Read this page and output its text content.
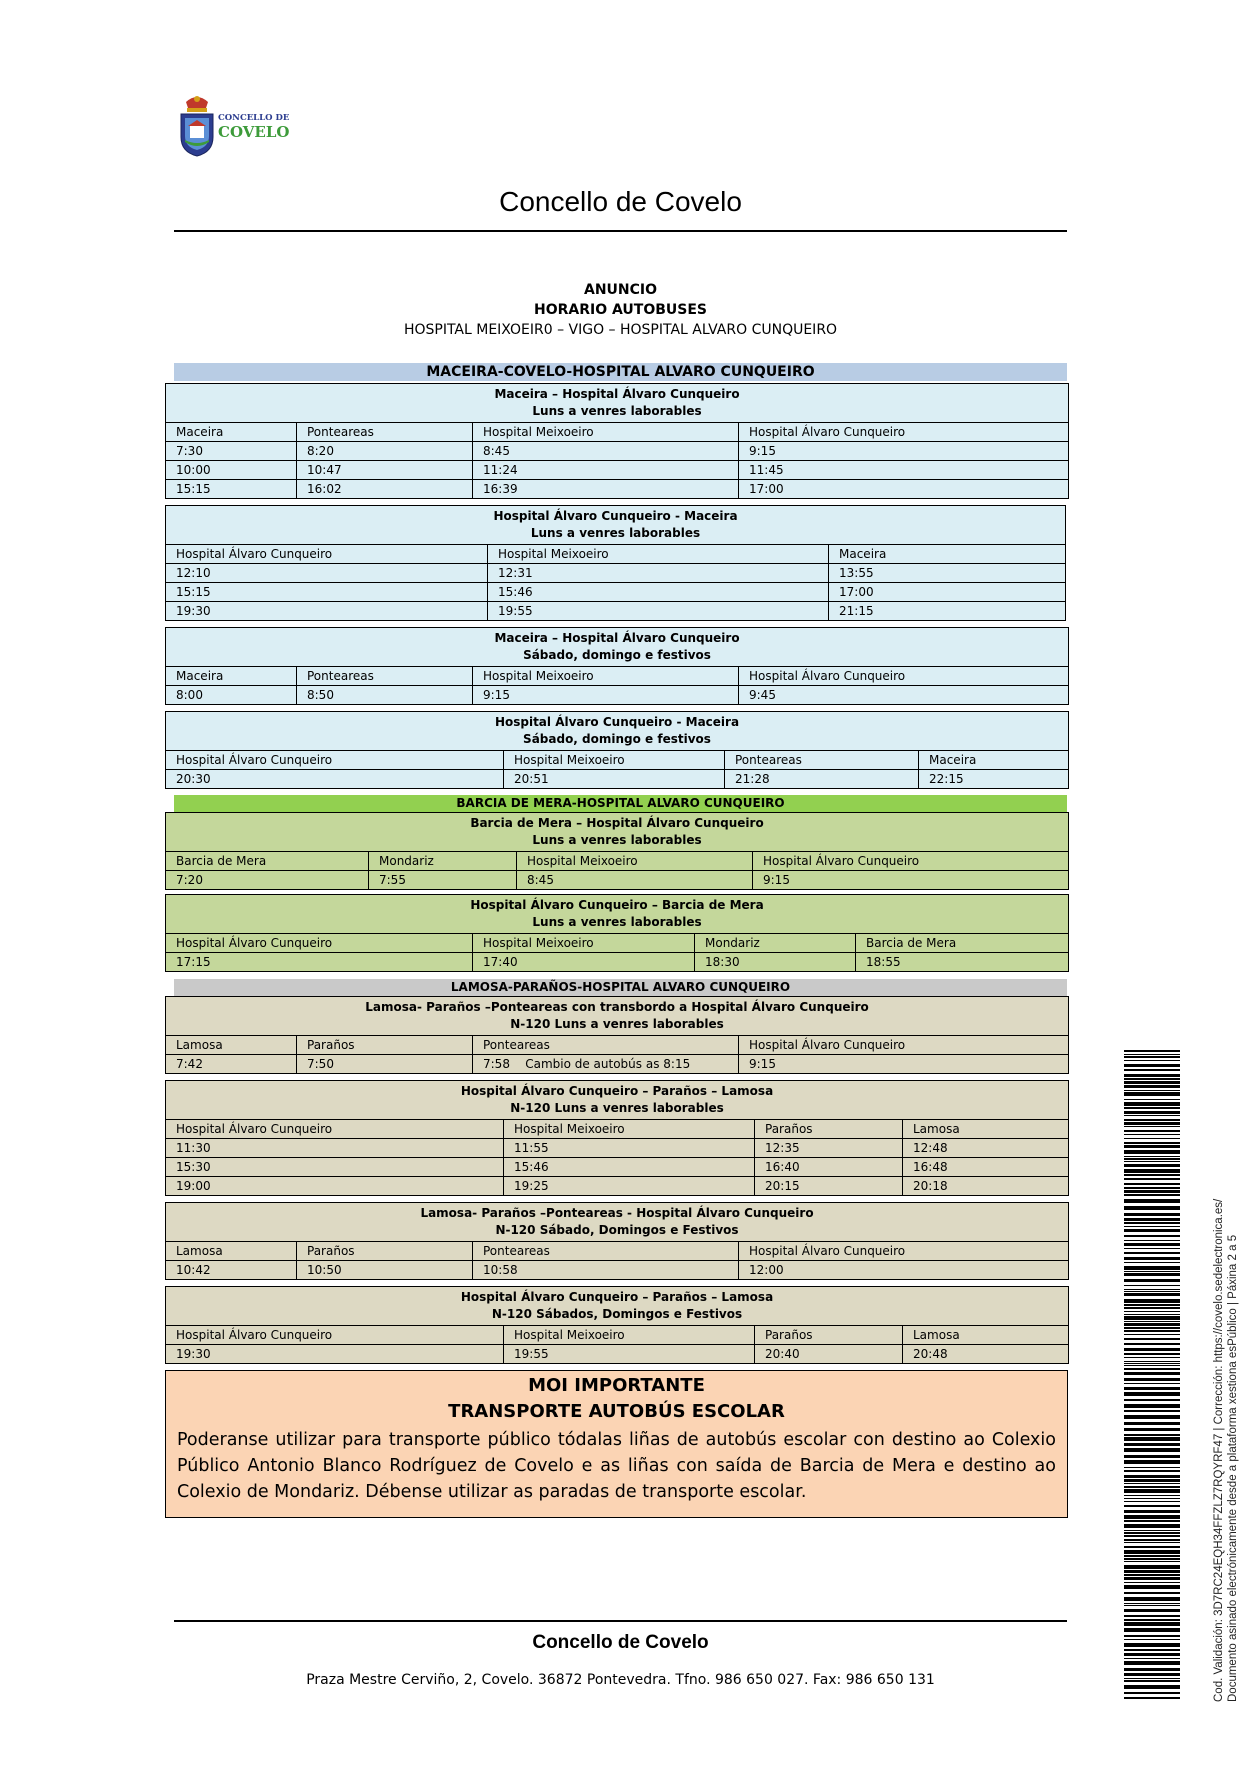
CONCELLO DE
COVELO
Concello de Covelo
ANUNCIO
HORARIO AUTOBUSES
HOSPITAL MEIXOEIR0 – VIGO – HOSPITAL ALVARO CUNQUEIRO
MACEIRA-COVELO-HOSPITAL ALVARO CUNQUEIRO
Maceira – Hospital Álvaro Cunqueiro
Luns a venres laborables			
Maceira	Ponteareas	Hospital Meixoeiro	Hospital Álvaro Cunqueiro
7:30	8:20	8:45	9:15
10:00	10:47	11:24	11:45
15:15	16:02	16:39	17:00
Hospital Álvaro Cunqueiro - Maceira
Luns a venres laborables		
Hospital Álvaro Cunqueiro	Hospital Meixoeiro	Maceira
12:10	12:31	13:55
15:15	15:46	17:00
19:30	19:55	21:15
Maceira – Hospital Álvaro Cunqueiro
Sábado, domingo e festivos			
Maceira	Ponteareas	Hospital Meixoeiro	Hospital Álvaro Cunqueiro
8:00	8:50	9:15	9:45
Hospital Álvaro Cunqueiro - Maceira
Sábado, domingo e festivos			
Hospital Álvaro Cunqueiro	Hospital Meixoeiro	Ponteareas	Maceira
20:30	20:51	21:28	22:15
BARCIA DE MERA-HOSPITAL ALVARO CUNQUEIRO
Barcia de Mera – Hospital Álvaro Cunqueiro
Luns a venres laborables			
Barcia de Mera	Mondariz	Hospital Meixoeiro	Hospital Álvaro Cunqueiro
7:20	7:55	8:45	9:15
Hospital Álvaro Cunqueiro – Barcia de Mera
Luns a venres laborables			
Hospital Álvaro Cunqueiro	Hospital Meixoeiro	Mondariz	Barcia de Mera
17:15	17:40	18:30	18:55
LAMOSA-PARAÑOS-HOSPITAL ALVARO CUNQUEIRO
Lamosa- Paraños –Ponteareas con transbordo a Hospital Álvaro Cunqueiro
N-120 Luns a venres laborables			
Lamosa	Paraños	Ponteareas	Hospital Álvaro Cunqueiro
7:42	7:50	7:58    Cambio de autobús as 8:15	9:15
Hospital Álvaro Cunqueiro – Paraños – Lamosa
N-120 Luns a venres laborables			
Hospital Álvaro Cunqueiro	Hospital Meixoeiro	Paraños	Lamosa
11:30	11:55	12:35	12:48
15:30	15:46	16:40	16:48
19:00	19:25	20:15	20:18
Lamosa- Paraños –Ponteareas - Hospital Álvaro Cunqueiro
N-120 Sábado, Domingos e Festivos			
Lamosa	Paraños	Ponteareas	Hospital Álvaro Cunqueiro
10:42	10:50	10:58	12:00
Hospital Álvaro Cunqueiro – Paraños – Lamosa
N-120 Sábados, Domingos e Festivos			
Hospital Álvaro Cunqueiro	Hospital Meixoeiro	Paraños	Lamosa
19:30	19:55	20:40	20:48
MOI IMPORTANTE
TRANSPORTE AUTOBÚS ESCOLAR
Poderanse utilizar para transporte público tódalas liñas de autobús escolar con destino ao Colexio Público Antonio Blanco Rodríguez de Covelo e as liñas con saída de Barcia de Mera e destino ao Colexio de Mondariz. Débense utilizar as paradas de transporte escolar.
Concello de Covelo
Praza Mestre Cerviño, 2, Covelo. 36872 Pontevedra. Tfno. 986 650 027. Fax: 986 650 131	Cod. Validación: 3D7RC24EQH34FFZLZ7RQYRF47 | Corrección: https://covelo.sedelectronica.es/ Documento asinado electrónicamente desde a plataforma xestiona esPúblico | Páxina 2 a 5
